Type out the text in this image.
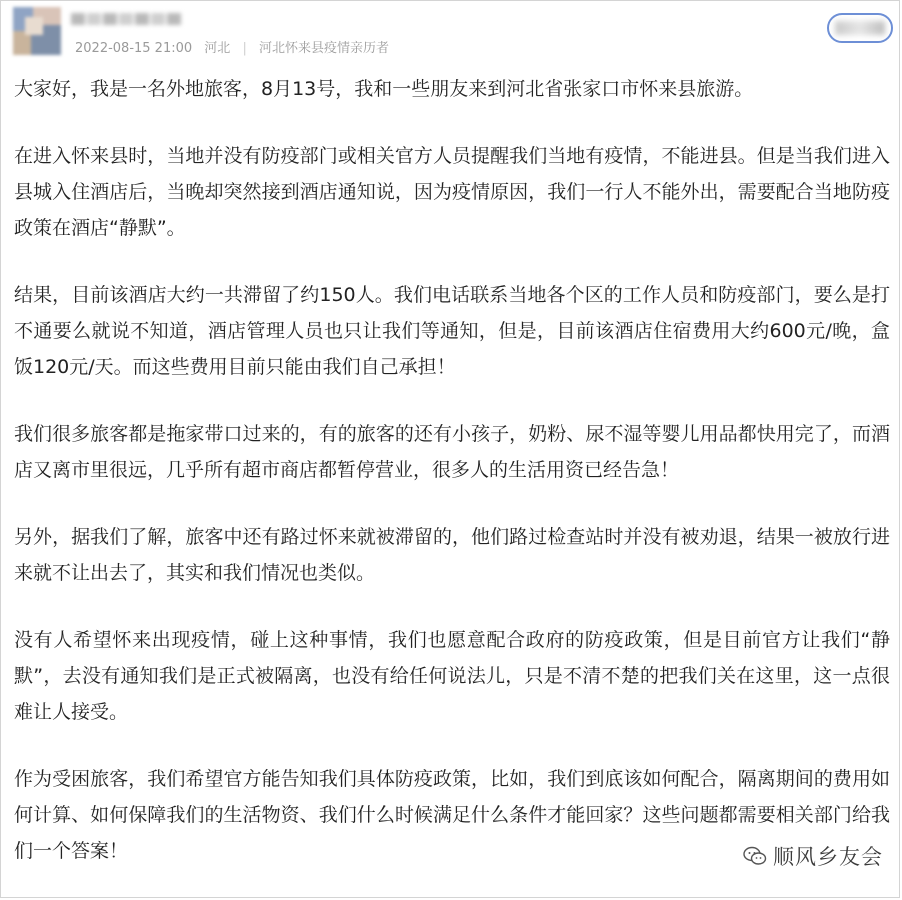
2022-08-15 21:00 河北 | 河北怀来县疫情亲历者

大家好，我是一名外地旅客，8月13号，我和一些朋友来到河北省张家口市怀来县旅游。

在进入怀来县时，当地并没有防疫部门或相关官方人员提醒我们当地有疫情，不能进县。但是当我们进入县城入住酒店后，当晚却突然接到酒店通知说，因为疫情原因，我们一行人不能外出，需要配合当地防疫政策在酒店“静默”。

结果，目前该酒店大约一共滞留了约150人。我们电话联系当地各个区的工作人员和防疫部门，要么是打不通要么就说不知道，酒店管理人员也只让我们等通知，但是，目前该酒店住宿费用大约600元/晚，盒饭120元/天。而这些费用目前只能由我们自己承担！

我们很多旅客都是拖家带口过来的，有的旅客的还有小孩子，奶粉、尿不湿等婴儿用品都快用完了，而酒店又离市里很远，几乎所有超市商店都暂停营业，很多人的生活用资已经告急！

另外，据我们了解，旅客中还有路过怀来就被滞留的，他们路过检查站时并没有被劝退，结果一被放行进来就不让出去了，其实和我们情况也类似。

没有人希望怀来出现疫情，碰上这种事情，我们也愿意配合政府的防疫政策，但是目前官方让我们“静默”，去没有通知我们是正式被隔离，也没有给任何说法儿，只是不清不楚的把我们关在这里，这一点很难让人接受。

作为受困旅客，我们希望官方能告知我们具体防疫政策，比如，我们到底该如何配合，隔离期间的费用如何计算、如何保障我们的生活物资、我们什么时候满足什么条件才能回家？这些问题都需要相关部门给我们一个答案！	顺风乡友会
